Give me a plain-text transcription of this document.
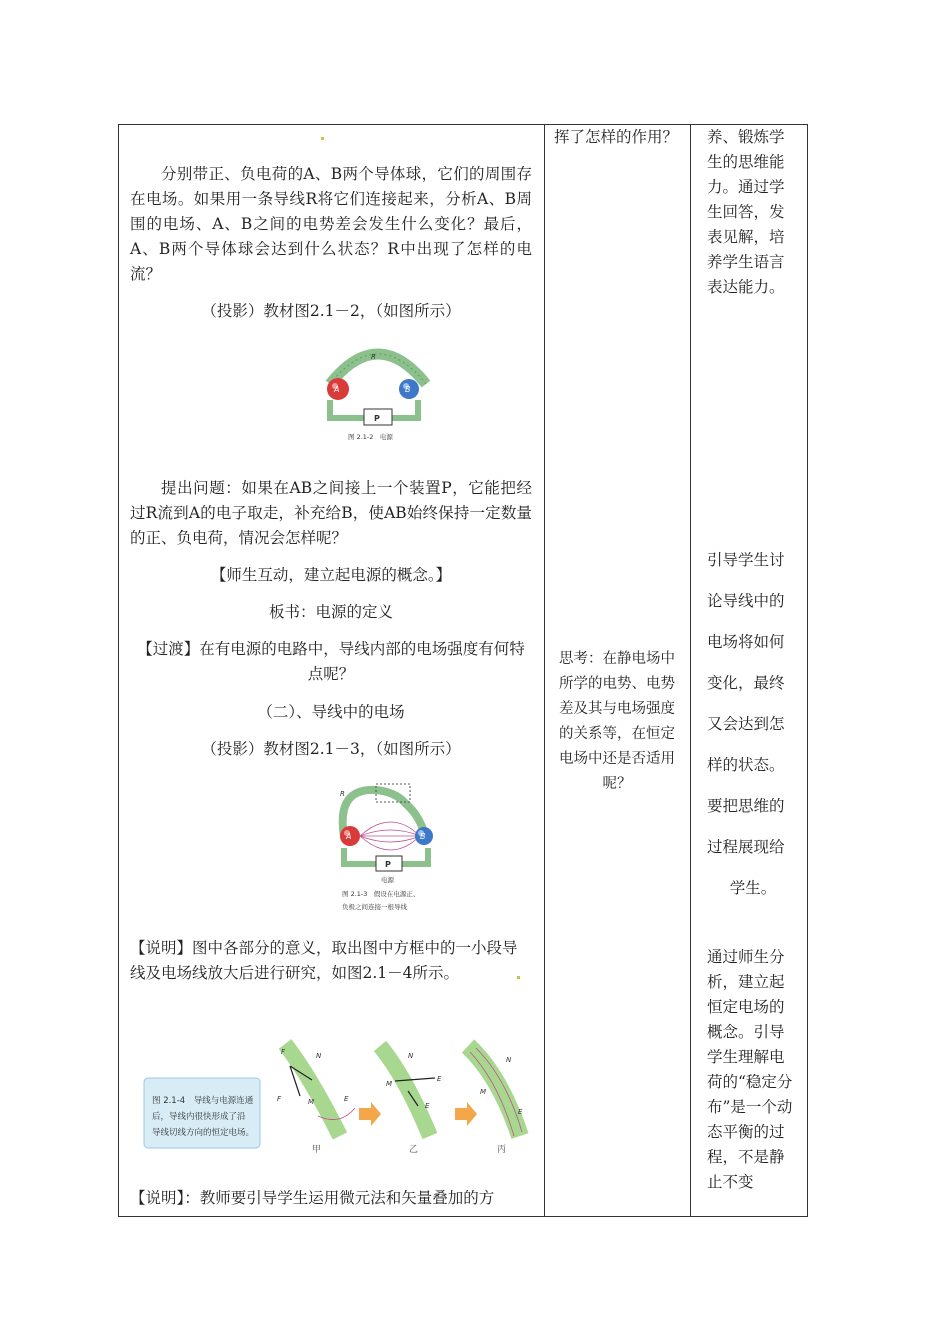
分别带正、负电荷的A、B两个导体球，它们的周围存在电场。如果用一条导线R将它们连接起来，分析A、B周围的电场、A、B之间的电势差会发生什么变化？最后，A、B两个导体球会达到什么状态？R中出现了怎样的电流？
（投影）教材图2.1－2，（如图所示）
R
A	B
P
图 2.1-2　电源
提出问题：如果在AB之间接上一个装置P，它能把经过R流到A的电子取走，补充给B，使AB始终保持一定数量的正、负电荷，情况会怎样呢？
【师生互动，建立起电源的概念。】
板书：电源的定义
【过渡】在有电源的电路中，导线内部的电场强度有何特点呢？
（二）、导线中的电场
（投影）教材图2.1－3，（如图所示）
R
A	B
P
电源
图 2.1-3　假设在电源正、
负极之间连接一根导线
【说明】图中各部分的意义，取出图中方框中的一小段导线及电场线放大后进行研究，如图2.1－4所示。
图 2.1-4　导线与电源连通
后，导线内很快形成了沿
导线切线方向的恒定电场。
F
F
N
M	E
甲
N
M
E
E
乙
N
M
E
丙
【说明】：教师要引导学生运用微元法和矢量叠加的方
挥了怎样的作用？
思考：在静电场中所学的电势、电势差及其与电场强度的关系等，在恒定电场中还是否适用呢？
养、锻炼学生的思维能力。通过学生回答，发表见解，培养学生语言表达能力。
引导学生讨
论导线中的
电场将如何
变化，最终
又会达到怎
样的状态。
要把思维的
过程展现给
学生。
通过师生分析，建立起恒定电场的概念。引导学生理解电荷的“稳定分布”是一个动态平衡的过程，不是静止不变
